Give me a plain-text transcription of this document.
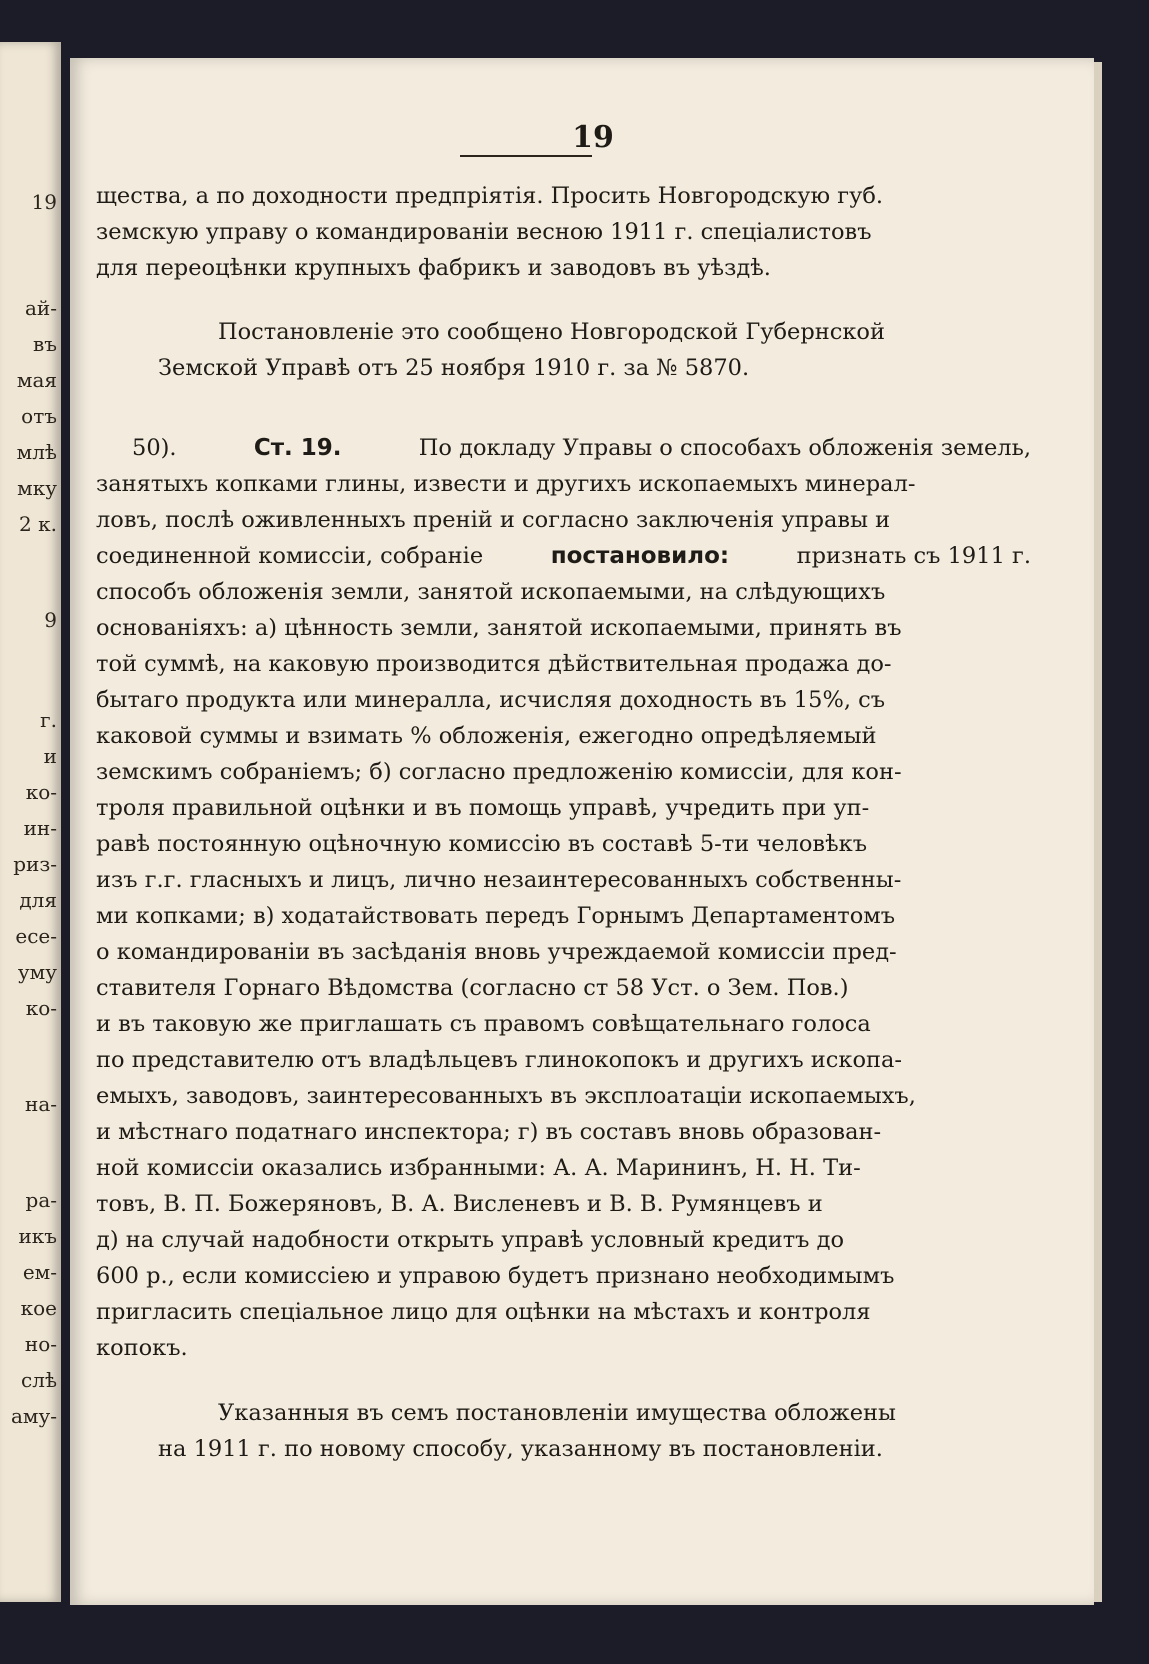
19
ай-
въ
мая
отъ
млѣ
мку
2 к.
9
г.
и
ко-
ин-
риз-
для
есе-
уму
ко-
на-
ра-
икъ
ем-
кое
но-
слѣ
аму-
19
щества, а по доходности предпріятія. Просить Новгородскую губ.
земскую управу о командированіи весною 1911 г. спеціалистовъ
для переоцѣнки крупныхъ фабрикъ и заводовъ въ уѣздѣ.
Постановленіе это сообщено Новгородской Губернской
Земской Управѣ отъ 25 ноября 1910 г. за № 5870.
50).	Ст. 19.	По докладу Управы о способахъ обложенія земель,
занятыхъ копками глины, извести и другихъ ископаемыхъ минерал-
ловъ, послѣ оживленныхъ преній и согласно заключенія управы и
соединенной комиссіи, собраніе	постановило:	признать съ 1911 г.
способъ обложенія земли, занятой ископаемыми, на слѣдующихъ
основаніяхъ: а) цѣнность земли, занятой ископаемыми, принять въ
той суммѣ, на каковую производится дѣйствительная продажа до-
бытаго продукта или минералла, исчисляя доходность въ 15%, съ
каковой суммы и взимать % обложенія, ежегодно опредѣляемый
земскимъ собраніемъ; б) согласно предложенію комиссіи, для кон-
троля правильной оцѣнки и въ помощь управѣ, учредить при уп-
равѣ постоянную оцѣночную комиссію въ составѣ 5-ти человѣкъ
изъ г.г. гласныхъ и лицъ, лично незаинтересованныхъ собственны-
ми копками; в) ходатайствовать передъ Горнымъ Департаментомъ
о командированіи въ засѣданія вновь учреждаемой комиссіи пред-
ставителя Горнаго Вѣдомства (согласно ст 58 Уст. о Зем. Пов.)
и въ таковую же приглашать съ правомъ совѣщательнаго голоса
по представителю отъ владѣльцевъ глинокопокъ и другихъ ископа-
емыхъ, заводовъ, заинтересованныхъ въ эксплоатаціи ископаемыхъ,
и мѣстнаго податнаго инспектора; г) въ составъ вновь образован-
ной комиссіи оказались избранными: А. А. Марининъ, Н. Н. Ти-
товъ, В. П. Божеряновъ, В. А. Висленевъ и В. В. Румянцевъ и
д) на случай надобности открыть управѣ условный кредитъ до
600 р., если комиссіею и управою будетъ признано необходимымъ
пригласить спеціальное лицо для оцѣнки на мѣстахъ и контроля
копокъ.
Указанныя въ семъ постановленіи имущества обложены
на 1911 г. по новому способу, указанному въ постановленіи.
